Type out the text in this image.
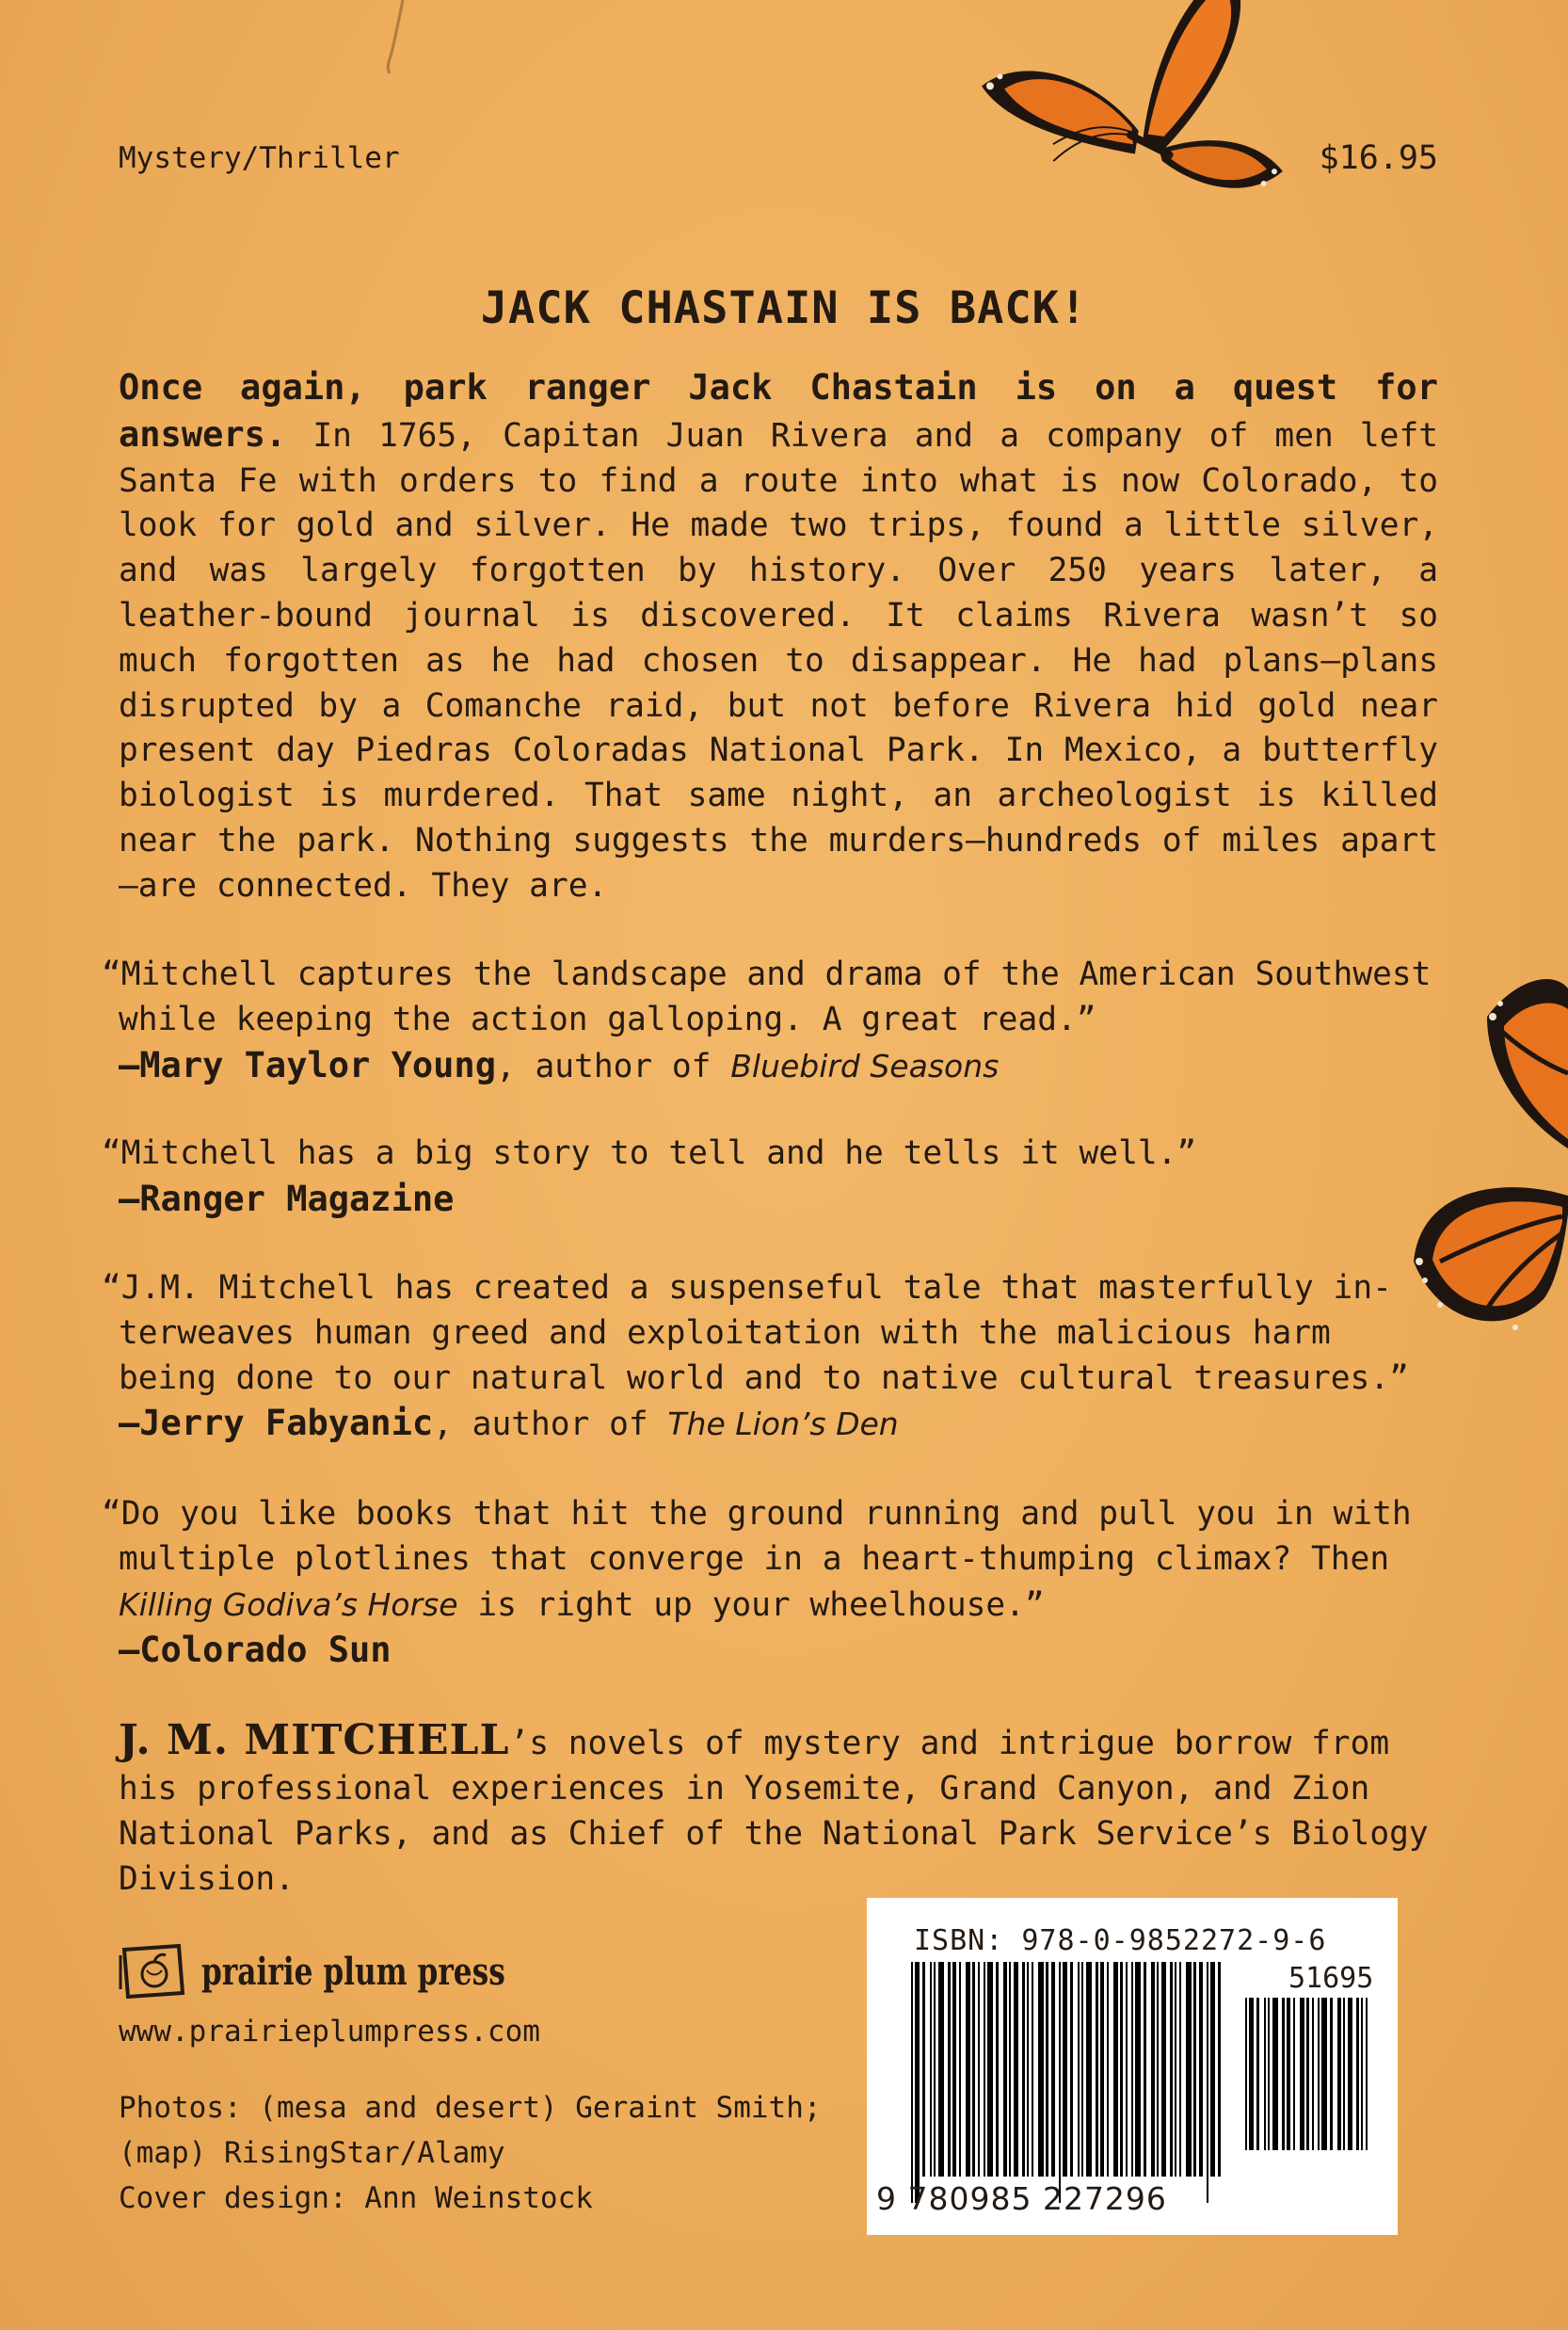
Mystery/Thriller	$16.95
JACK CHASTAIN IS BACK!
Once again, park ranger Jack Chastain is on a quest for answers. In 1765, Capitan Juan Rivera and a company of men left Santa Fe with orders to find a route into what is now Colorado, to look for gold and silver. He made two trips, found a little silver, and was largely forgotten by history. Over 250 years later, a leather-bound journal is discovered. It claims Rivera wasn’t so much forgotten as he had chosen to disappear. He had plans—plans disrupted by a Comanche raid, but not before Rivera hid gold near present day Piedras Coloradas National Park. In Mexico, a butterfly biologist is murdered. That same night, an archeologist is killed near the park. Nothing suggests the murders—hundreds of miles apart—are connected. They are.
“Mitchell captures the landscape and drama of the American Southwest while keeping the action galloping. A great read.”
—Mary Taylor Young, author of Bluebird Seasons
“Mitchell has a big story to tell and he tells it well.”
—Ranger Magazine
“J.M. Mitchell has created a suspenseful tale that masterfully interweaves human greed and exploitation with the malicious harm being done to our natural world and to native cultural treasures.”
—Jerry Fabyanic, author of The Lion’s Den
“Do you like books that hit the ground running and pull you in with multiple plotlines that converge in a heart-thumping climax? Then Killing Godiva’s Horse is right up your wheelhouse.”
—Colorado Sun
J. M. MITCHELL’s novels of mystery and intrigue borrow from his professional experiences in Yosemite, Grand Canyon, and Zion National Parks, and as Chief of the National Park Service’s Biology Division.
prairie plum press
www.prairieplumpress.com
Photos: (mesa and desert) Geraint Smith;
(map) RisingStar/Alamy
Cover design: Ann Weinstock
ISBN: 978-0-9852272-9-6
51695
9 780985 227296
